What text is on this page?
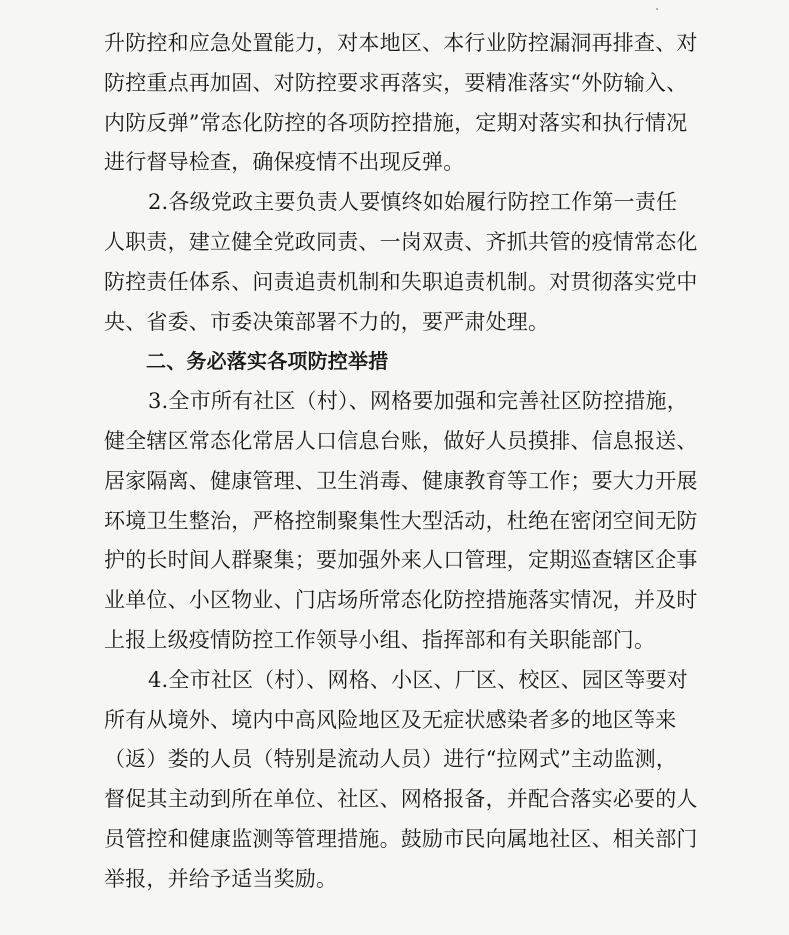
升防控和应急处置能力，对本地区、本行业防控漏洞再排查、对
防控重点再加固、对防控要求再落实，要精准落实“外防输入、
内防反弹”常态化防控的各项防控措施，定期对落实和执行情况
进行督导检查，确保疫情不出现反弹。
2.各级党政主要负责人要慎终如始履行防控工作第一责任
人职责，建立健全党政同责、一岗双责、齐抓共管的疫情常态化
防控责任体系、问责追责机制和失职追责机制。对贯彻落实党中
央、省委、市委决策部署不力的，要严肃处理。
二、务必落实各项防控举措
3.全市所有社区（村）、网格要加强和完善社区防控措施，
健全辖区常态化常居人口信息台账，做好人员摸排、信息报送、
居家隔离、健康管理、卫生消毒、健康教育等工作；要大力开展
环境卫生整治，严格控制聚集性大型活动，杜绝在密闭空间无防
护的长时间人群聚集；要加强外来人口管理，定期巡查辖区企事
业单位、小区物业、门店场所常态化防控措施落实情况，并及时
上报上级疫情防控工作领导小组、指挥部和有关职能部门。
4.全市社区（村）、网格、小区、厂区、校区、园区等要对
所有从境外、境内中高风险地区及无症状感染者多的地区等来
（返）娄的人员（特别是流动人员）进行“拉网式”主动监测，
督促其主动到所在单位、社区、网格报备，并配合落实必要的人
员管控和健康监测等管理措施。鼓励市民向属地社区、相关部门
举报，并给予适当奖励。
